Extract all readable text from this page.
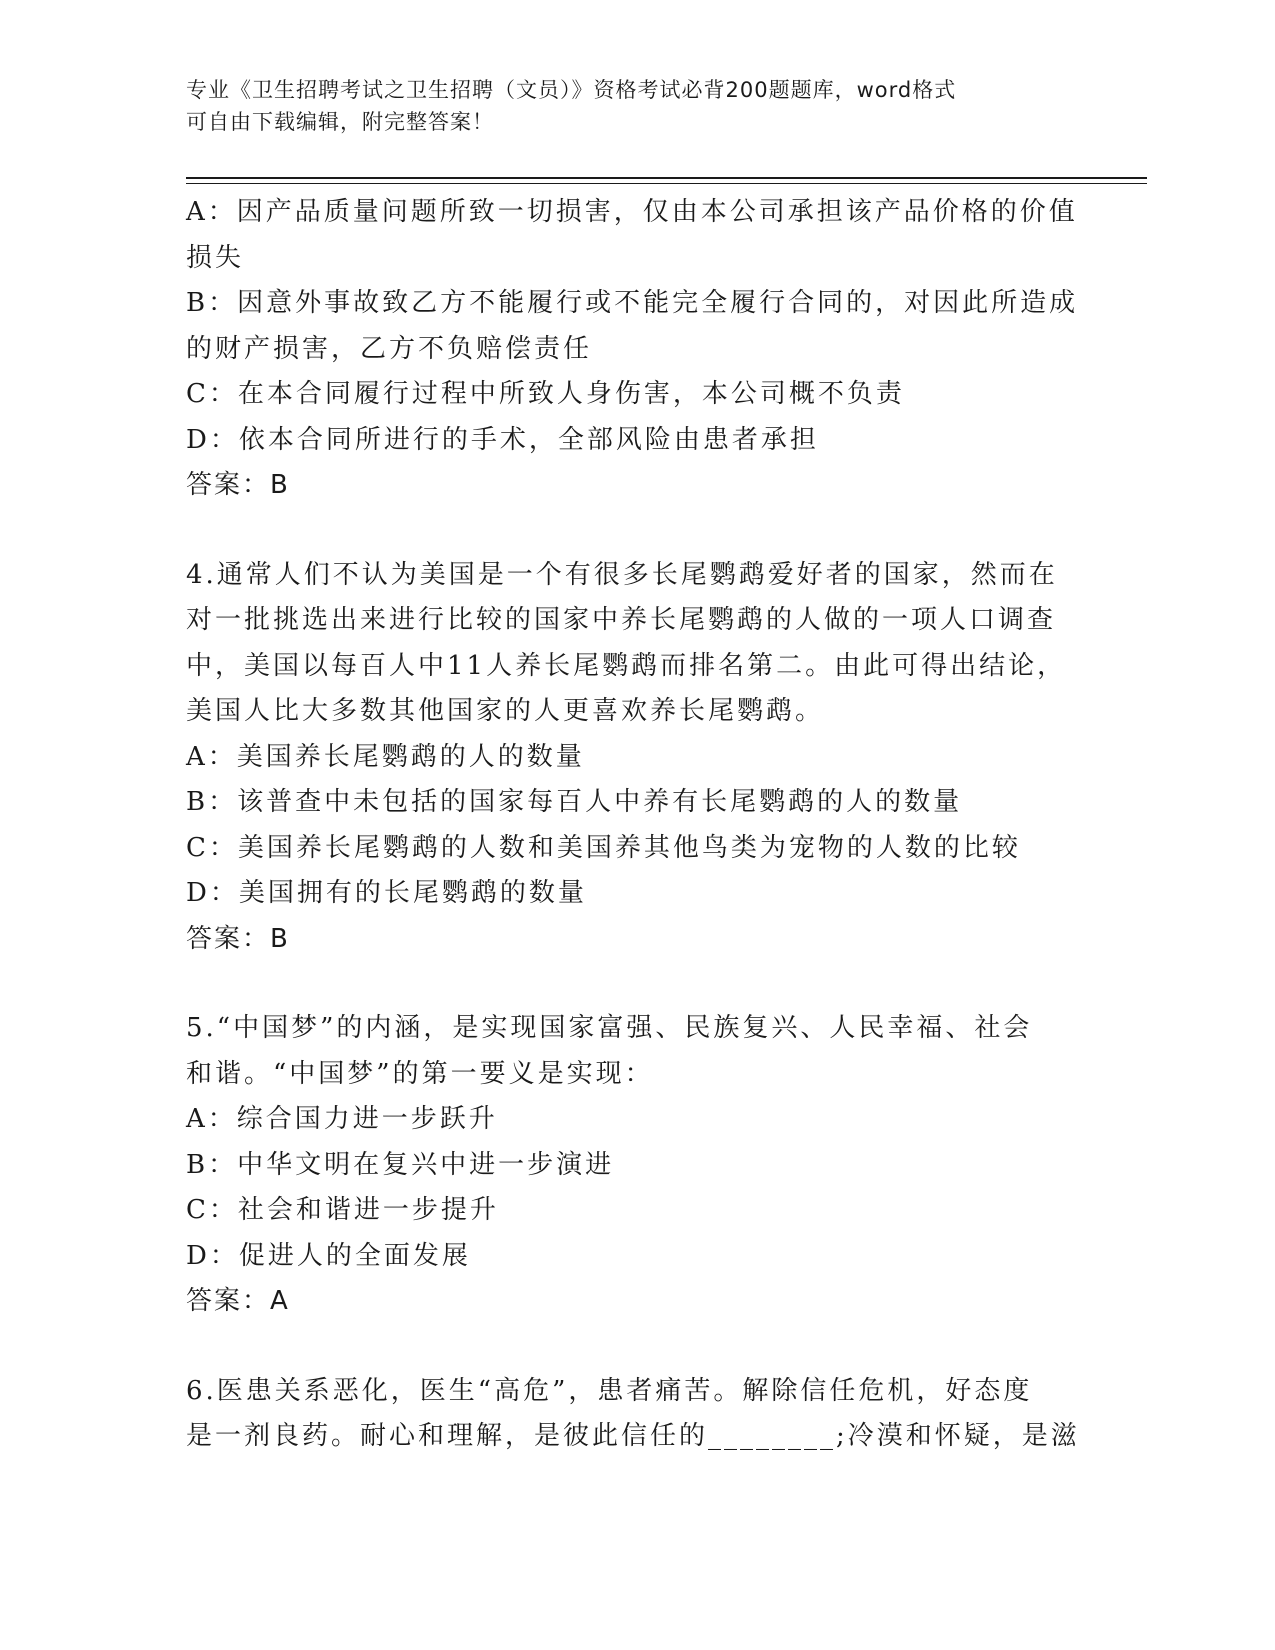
专业《卫生招聘考试之卫生招聘（文员）》资格考试必背200题题库，word格式
可自由下载编辑，附完整答案！
A：因产品质量问题所致一切损害，仅由本公司承担该产品价格的价值
损失
B：因意外事故致乙方不能履行或不能完全履行合同的，对因此所造成
的财产损害，乙方不负赔偿责任
C：在本合同履行过程中所致人身伤害，本公司概不负责
D：依本合同所进行的手术，全部风险由患者承担
答案：B
4.通常人们不认为美国是一个有很多长尾鹦鹉爱好者的国家，然而在
对一批挑选出来进行比较的国家中养长尾鹦鹉的人做的一项人口调查
中，美国以每百人中11人养长尾鹦鹉而排名第二。由此可得出结论，
美国人比大多数其他国家的人更喜欢养长尾鹦鹉。
A：美国养长尾鹦鹉的人的数量
B：该普查中未包括的国家每百人中养有长尾鹦鹉的人的数量
C：美国养长尾鹦鹉的人数和美国养其他鸟类为宠物的人数的比较
D：美国拥有的长尾鹦鹉的数量
答案：B
5.“中国梦”的内涵，是实现国家富强、民族复兴、人民幸福、社会
和谐。“中国梦”的第一要义是实现：
A：综合国力进一步跃升
B：中华文明在复兴中进一步演进
C：社会和谐进一步提升
D：促进人的全面发展
答案：A
6.医患关系恶化，医生“高危”，患者痛苦。解除信任危机，好态度
是一剂良药。耐心和理解，是彼此信任的________;冷漠和怀疑，是滋
